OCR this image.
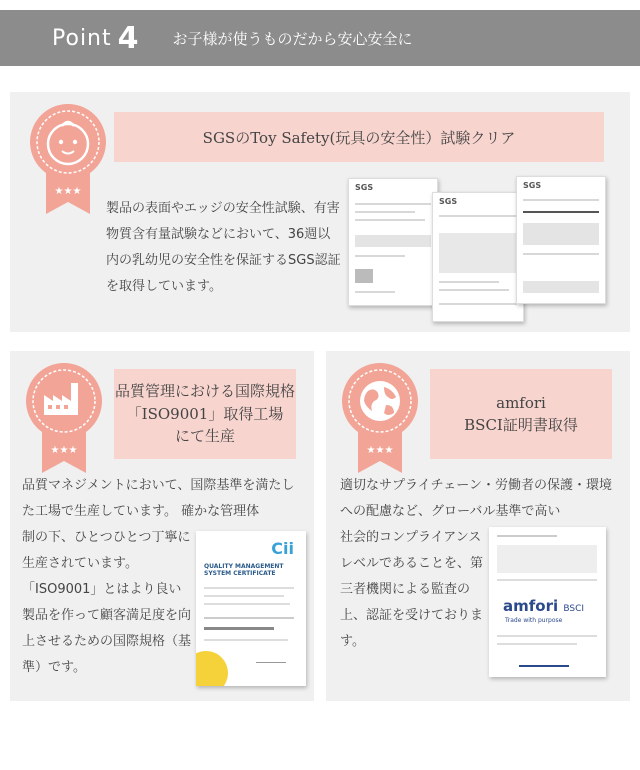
Point 4 お子様が使うものだから安心安全に
★★★
SGSのToy Safety(玩具の安全性）試験クリア
製品の表面やエッジの安全性試験、有害物質含有量試験などにおいて、36週以内の乳幼児の安全性を保証するSGS認証を取得しています。
SGS
SGS
SGS
★★★
品質管理における国際規格
「ISO9001」取得工場
にて生産
品質マネジメントにおいて、国際基準を満たした工場で生産しています。 確かな管理体
制の下、ひとつひとつ丁寧に生産されています。「ISO9001」とはより良い製品を作って顧客満足度を向上させるための国際規格（基準）です。
Cii
QUALITY MANAGEMENT SYSTEM CERTIFICATE
★★★
amfori
BSCI証明書取得
適切なサプライチェーン・労働者の保護・環境への配慮など、グローバル基準で高い
社会的コンプライアンスレベルであることを、第三者機関による監査の上、認証を受けております。
amfori BSCI
Trade with purpose
